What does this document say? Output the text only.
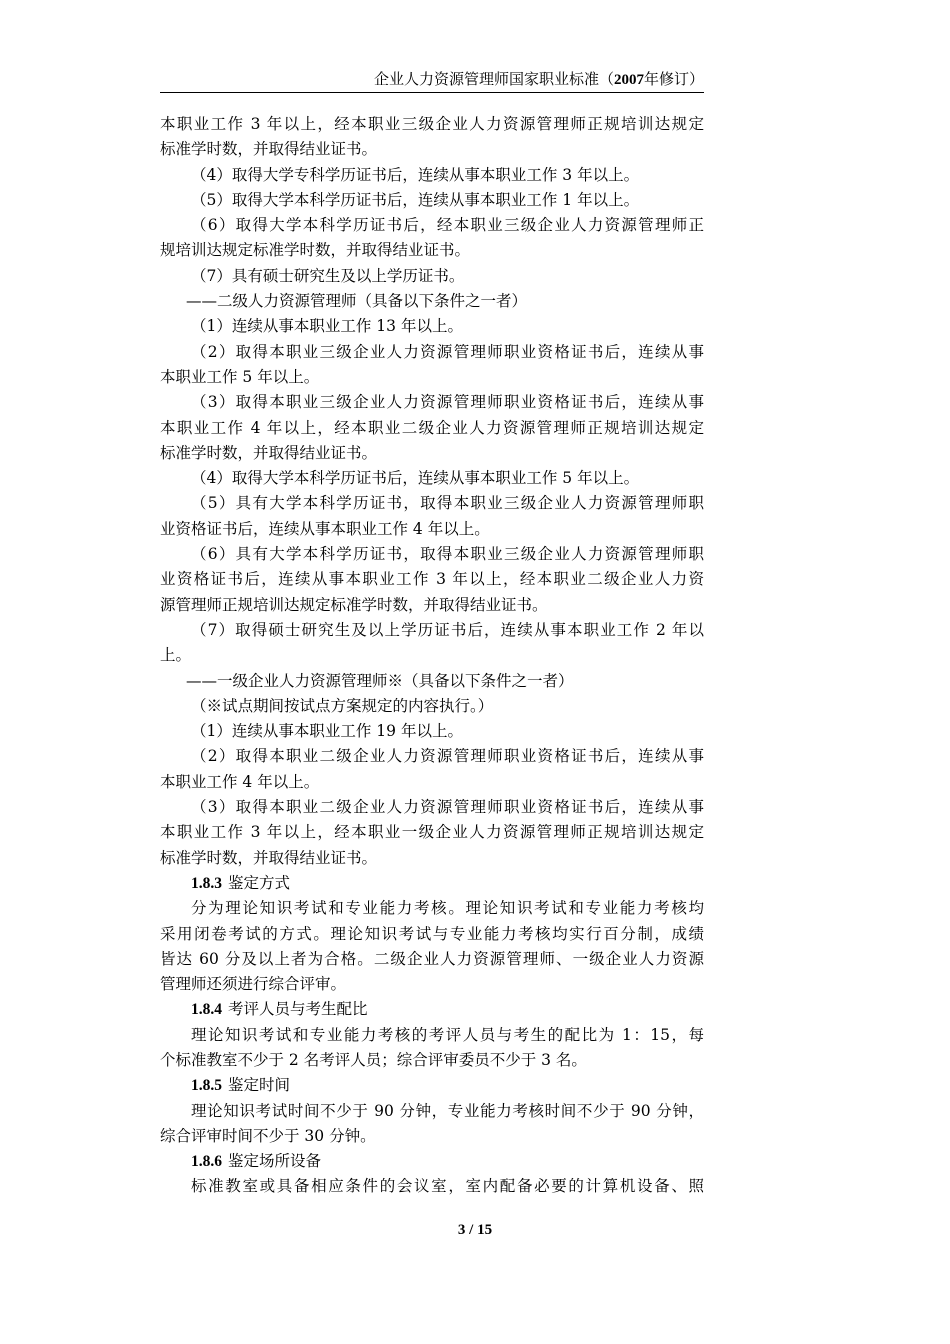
企业人力资源管理师国家职业标准（2007年修订）
本职业工作 3 年以上，经本职业三级企业人力资源管理师正规培训达规定
标准学时数，并取得结业证书。
（4）取得大学专科学历证书后，连续从事本职业工作 3 年以上。
（5）取得大学本科学历证书后，连续从事本职业工作 1 年以上。
（6）取得大学本科学历证书后，经本职业三级企业人力资源管理师正
规培训达规定标准学时数，并取得结业证书。
（7）具有硕士研究生及以上学历证书。
——二级人力资源管理师（具备以下条件之一者）
（1）连续从事本职业工作 13 年以上。
（2）取得本职业三级企业人力资源管理师职业资格证书后，连续从事
本职业工作 5 年以上。
（3）取得本职业三级企业人力资源管理师职业资格证书后，连续从事
本职业工作 4 年以上，经本职业二级企业人力资源管理师正规培训达规定
标准学时数，并取得结业证书。
（4）取得大学本科学历证书后，连续从事本职业工作 5 年以上。
（5）具有大学本科学历证书，取得本职业三级企业人力资源管理师职
业资格证书后，连续从事本职业工作 4 年以上。
（6）具有大学本科学历证书，取得本职业三级企业人力资源管理师职
业资格证书后，连续从事本职业工作 3 年以上，经本职业二级企业人力资
源管理师正规培训达规定标准学时数，并取得结业证书。
（7）取得硕士研究生及以上学历证书后，连续从事本职业工作 2 年以
上。
——一级企业人力资源管理师※（具备以下条件之一者）
（※试点期间按试点方案规定的内容执行。）
（1）连续从事本职业工作 19 年以上。
（2）取得本职业二级企业人力资源管理师职业资格证书后，连续从事
本职业工作 4 年以上。
（3）取得本职业二级企业人力资源管理师职业资格证书后，连续从事
本职业工作 3 年以上，经本职业一级企业人力资源管理师正规培训达规定
标准学时数，并取得结业证书。
1.8.3 鉴定方式
分为理论知识考试和专业能力考核。理论知识考试和专业能力考核均
采用闭卷考试的方式。理论知识考试与专业能力考核均实行百分制，成绩
皆达 60 分及以上者为合格。二级企业人力资源管理师、一级企业人力资源
管理师还须进行综合评审。
1.8.4 考评人员与考生配比
理论知识考试和专业能力考核的考评人员与考生的配比为 1：15，每
个标准教室不少于 2 名考评人员；综合评审委员不少于 3 名。
1.8.5 鉴定时间
理论知识考试时间不少于 90 分钟，专业能力考核时间不少于 90 分钟，
综合评审时间不少于 30 分钟。
1.8.6 鉴定场所设备
标准教室或具备相应条件的会议室，室内配备必要的计算机设备、照
3 / 15
